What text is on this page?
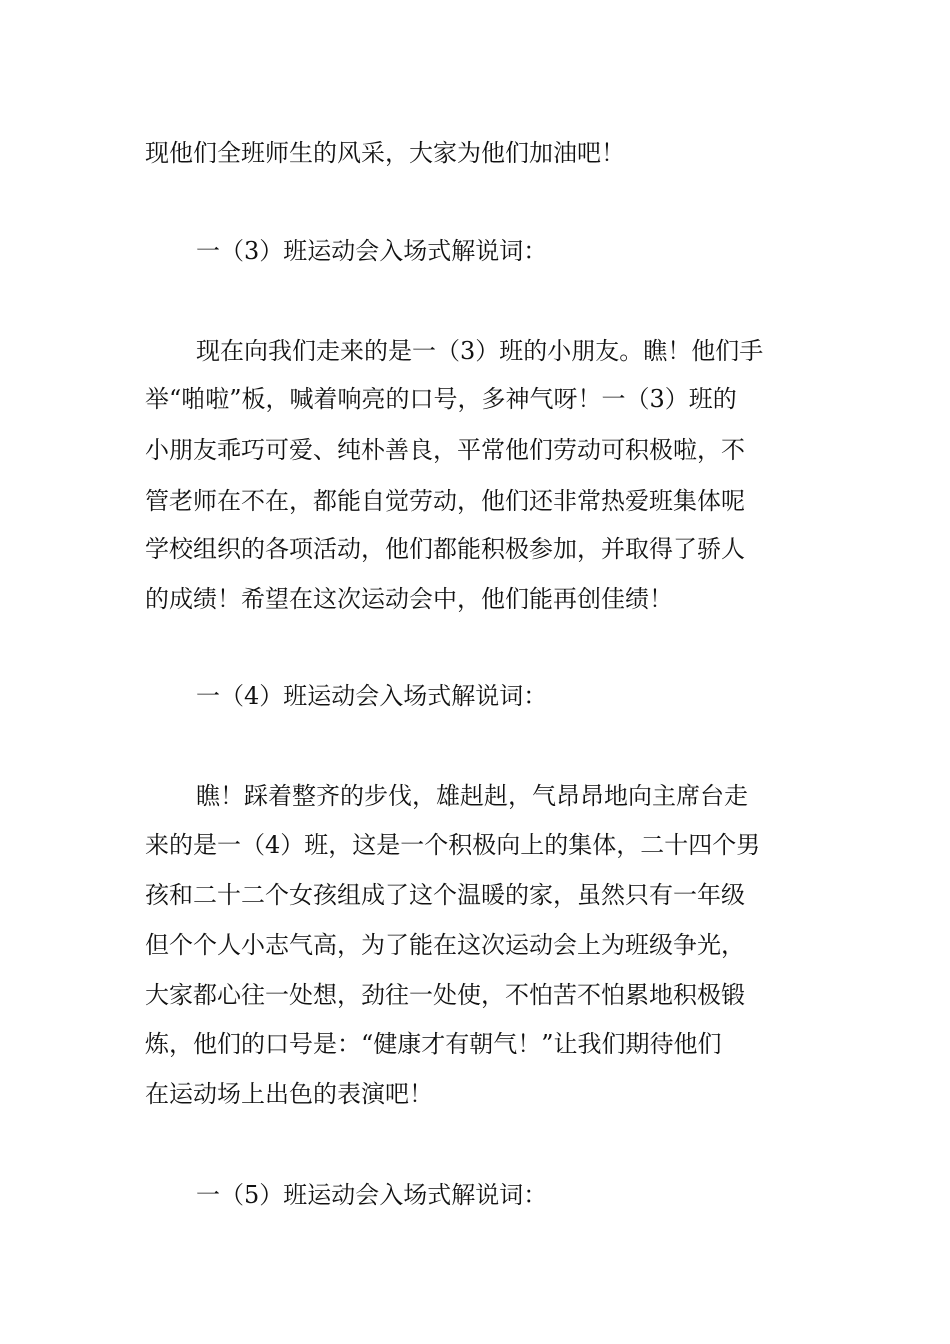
现他们全班师生的风采，大家为他们加油吧！
一（3）班运动会入场式解说词：
现在向我们走来的是一（3）班的小朋友。瞧！他们手
举“啪啦”板，喊着响亮的口号，多神气呀！一（3）班的
小朋友乖巧可爱、纯朴善良，平常他们劳动可积极啦，不
管老师在不在，都能自觉劳动，他们还非常热爱班集体呢
学校组织的各项活动，他们都能积极参加，并取得了骄人
的成绩！希望在这次运动会中，他们能再创佳绩！
一（4）班运动会入场式解说词：
瞧！踩着整齐的步伐，雄赳赳，气昂昂地向主席台走
来的是一（4）班，这是一个积极向上的集体，二十四个男
孩和二十二个女孩组成了这个温暖的家，虽然只有一年级
但个个人小志气高，为了能在这次运动会上为班级争光，
大家都心往一处想，劲往一处使，不怕苦不怕累地积极锻
炼，他们的口号是：“健康才有朝气！”让我们期待他们
在运动场上出色的表演吧！
一（5）班运动会入场式解说词：
